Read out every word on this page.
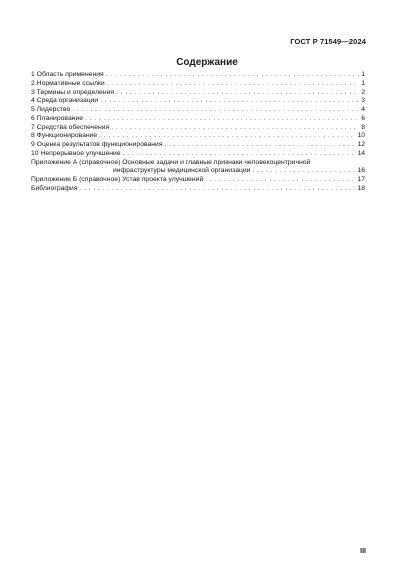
ГОСТ Р 71549—2024
Содержание
1 Область применения . . .	1
2 Нормативные ссылки . . .	1
3 Термины и определения . . .	2
4 Среда организации . . .	3
5 Лидерство . . .	4
6 Планирование . . .	6
7 Средства обеспечения . . .	8
8 Функционирование . . .	10
9 Оценка результатов функционирования . . .	12
10 Непрерывное улучшение . . .	14
Приложение А (справочное) Основные задачи и главные признаки человекоцентричной
инфраструктуры медицинской организации . . .	16
Приложение Б (справочное) Устав проекта улучшений . . .	17
Библиография . . .	18
III
